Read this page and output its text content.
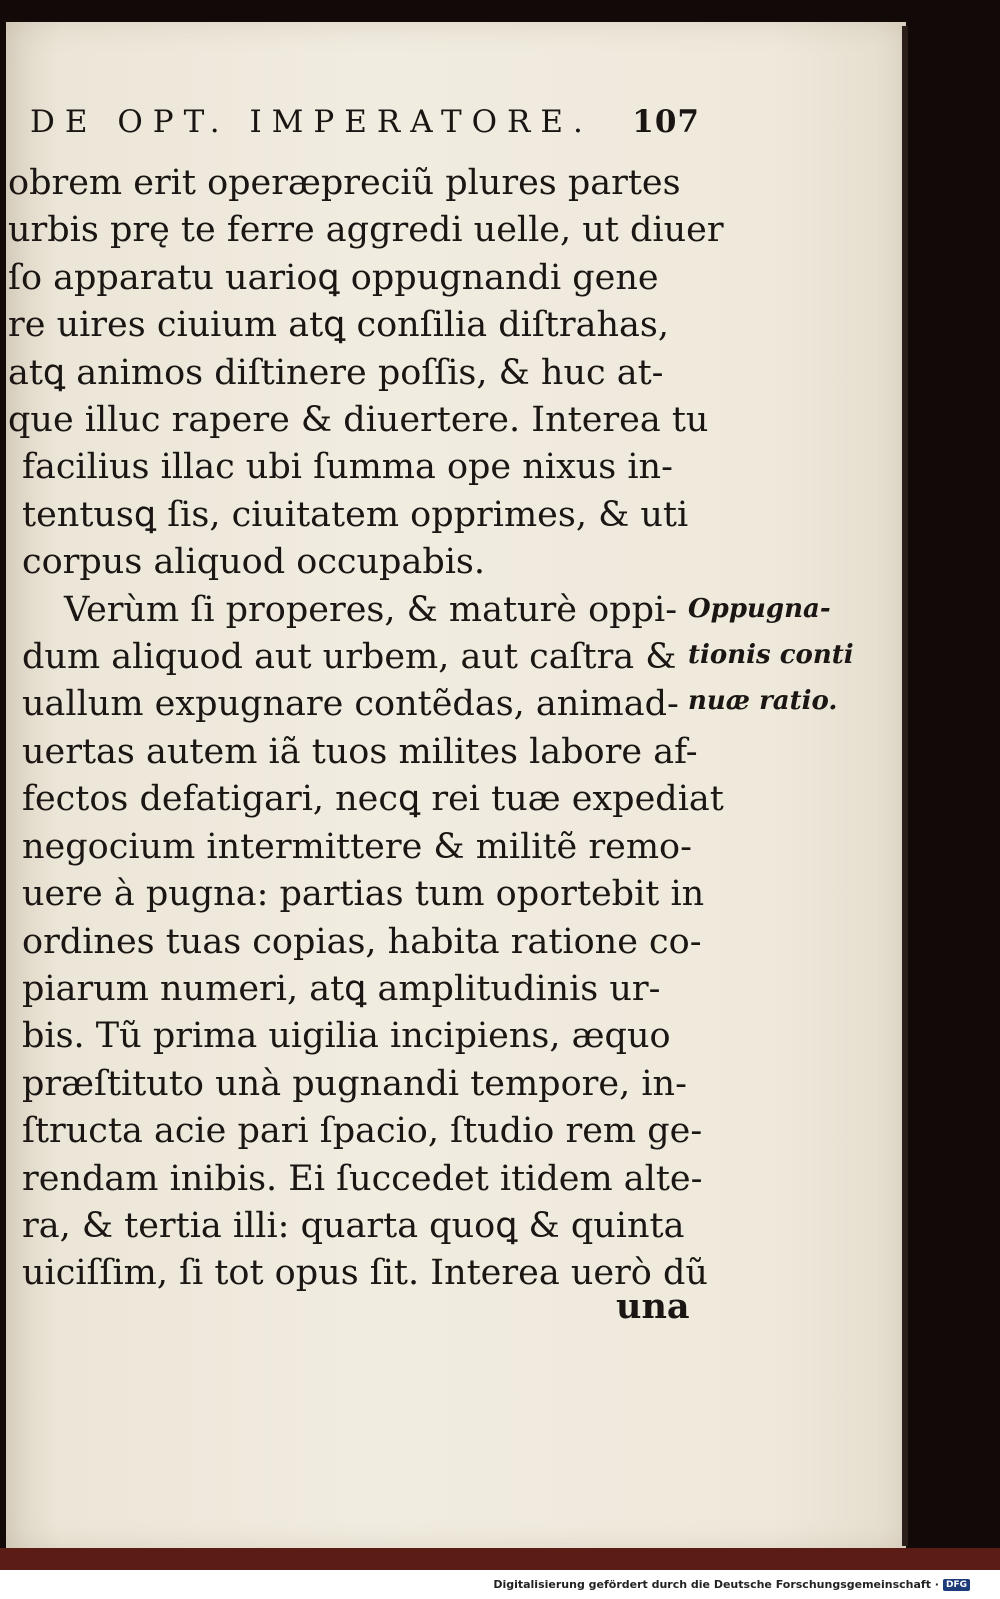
DE OPT. IMPERATORE. 107
obrem erit operæpreciũ plures partes
urbis prę te ferre aggredi uelle, ut diuer
ſo apparatu uarioꝗ oppugnandi gene
re uires ciuium atꝗ conſilia diſtrahas,
atꝗ animos diſtinere poſſis, & huc at-
que illuc rapere & diuertere. Interea tu
facilius illac ubi ſumma ope nixus in-
tentusꝗ ſis, ciuitatem opprimes, & uti
corpus aliquod occupabis.
Verùm ſi properes, & maturè oppi-
dum aliquod aut urbem, aut caſtra &
uallum expugnare contẽdas, animad-
uertas autem iã tuos milites labore af-
fectos defatigari, necꝗ rei tuæ expediat
negocium intermittere & militẽ remo-
uere à pugna: partias tum oportebit in
ordines tuas copias, habita ratione co-
piarum numeri, atꝗ amplitudinis ur-
bis. Tũ prima uigilia incipiens, æquo
præſtituto unà pugnandi tempore, in-
ſtructa acie pari ſpacio, ſtudio rem ge-
rendam inibis. Ei ſuccedet itidem alte-
ra, & tertia illi: quarta quoꝗ & quinta
uiciſſim, ſi tot opus ſit. Interea uerò dũ
una
Oppugna-
tionis conti
nuæ ratio.
Digitalisierung gefördert durch die Deutsche Forschungsgemeinschaft · DFG
